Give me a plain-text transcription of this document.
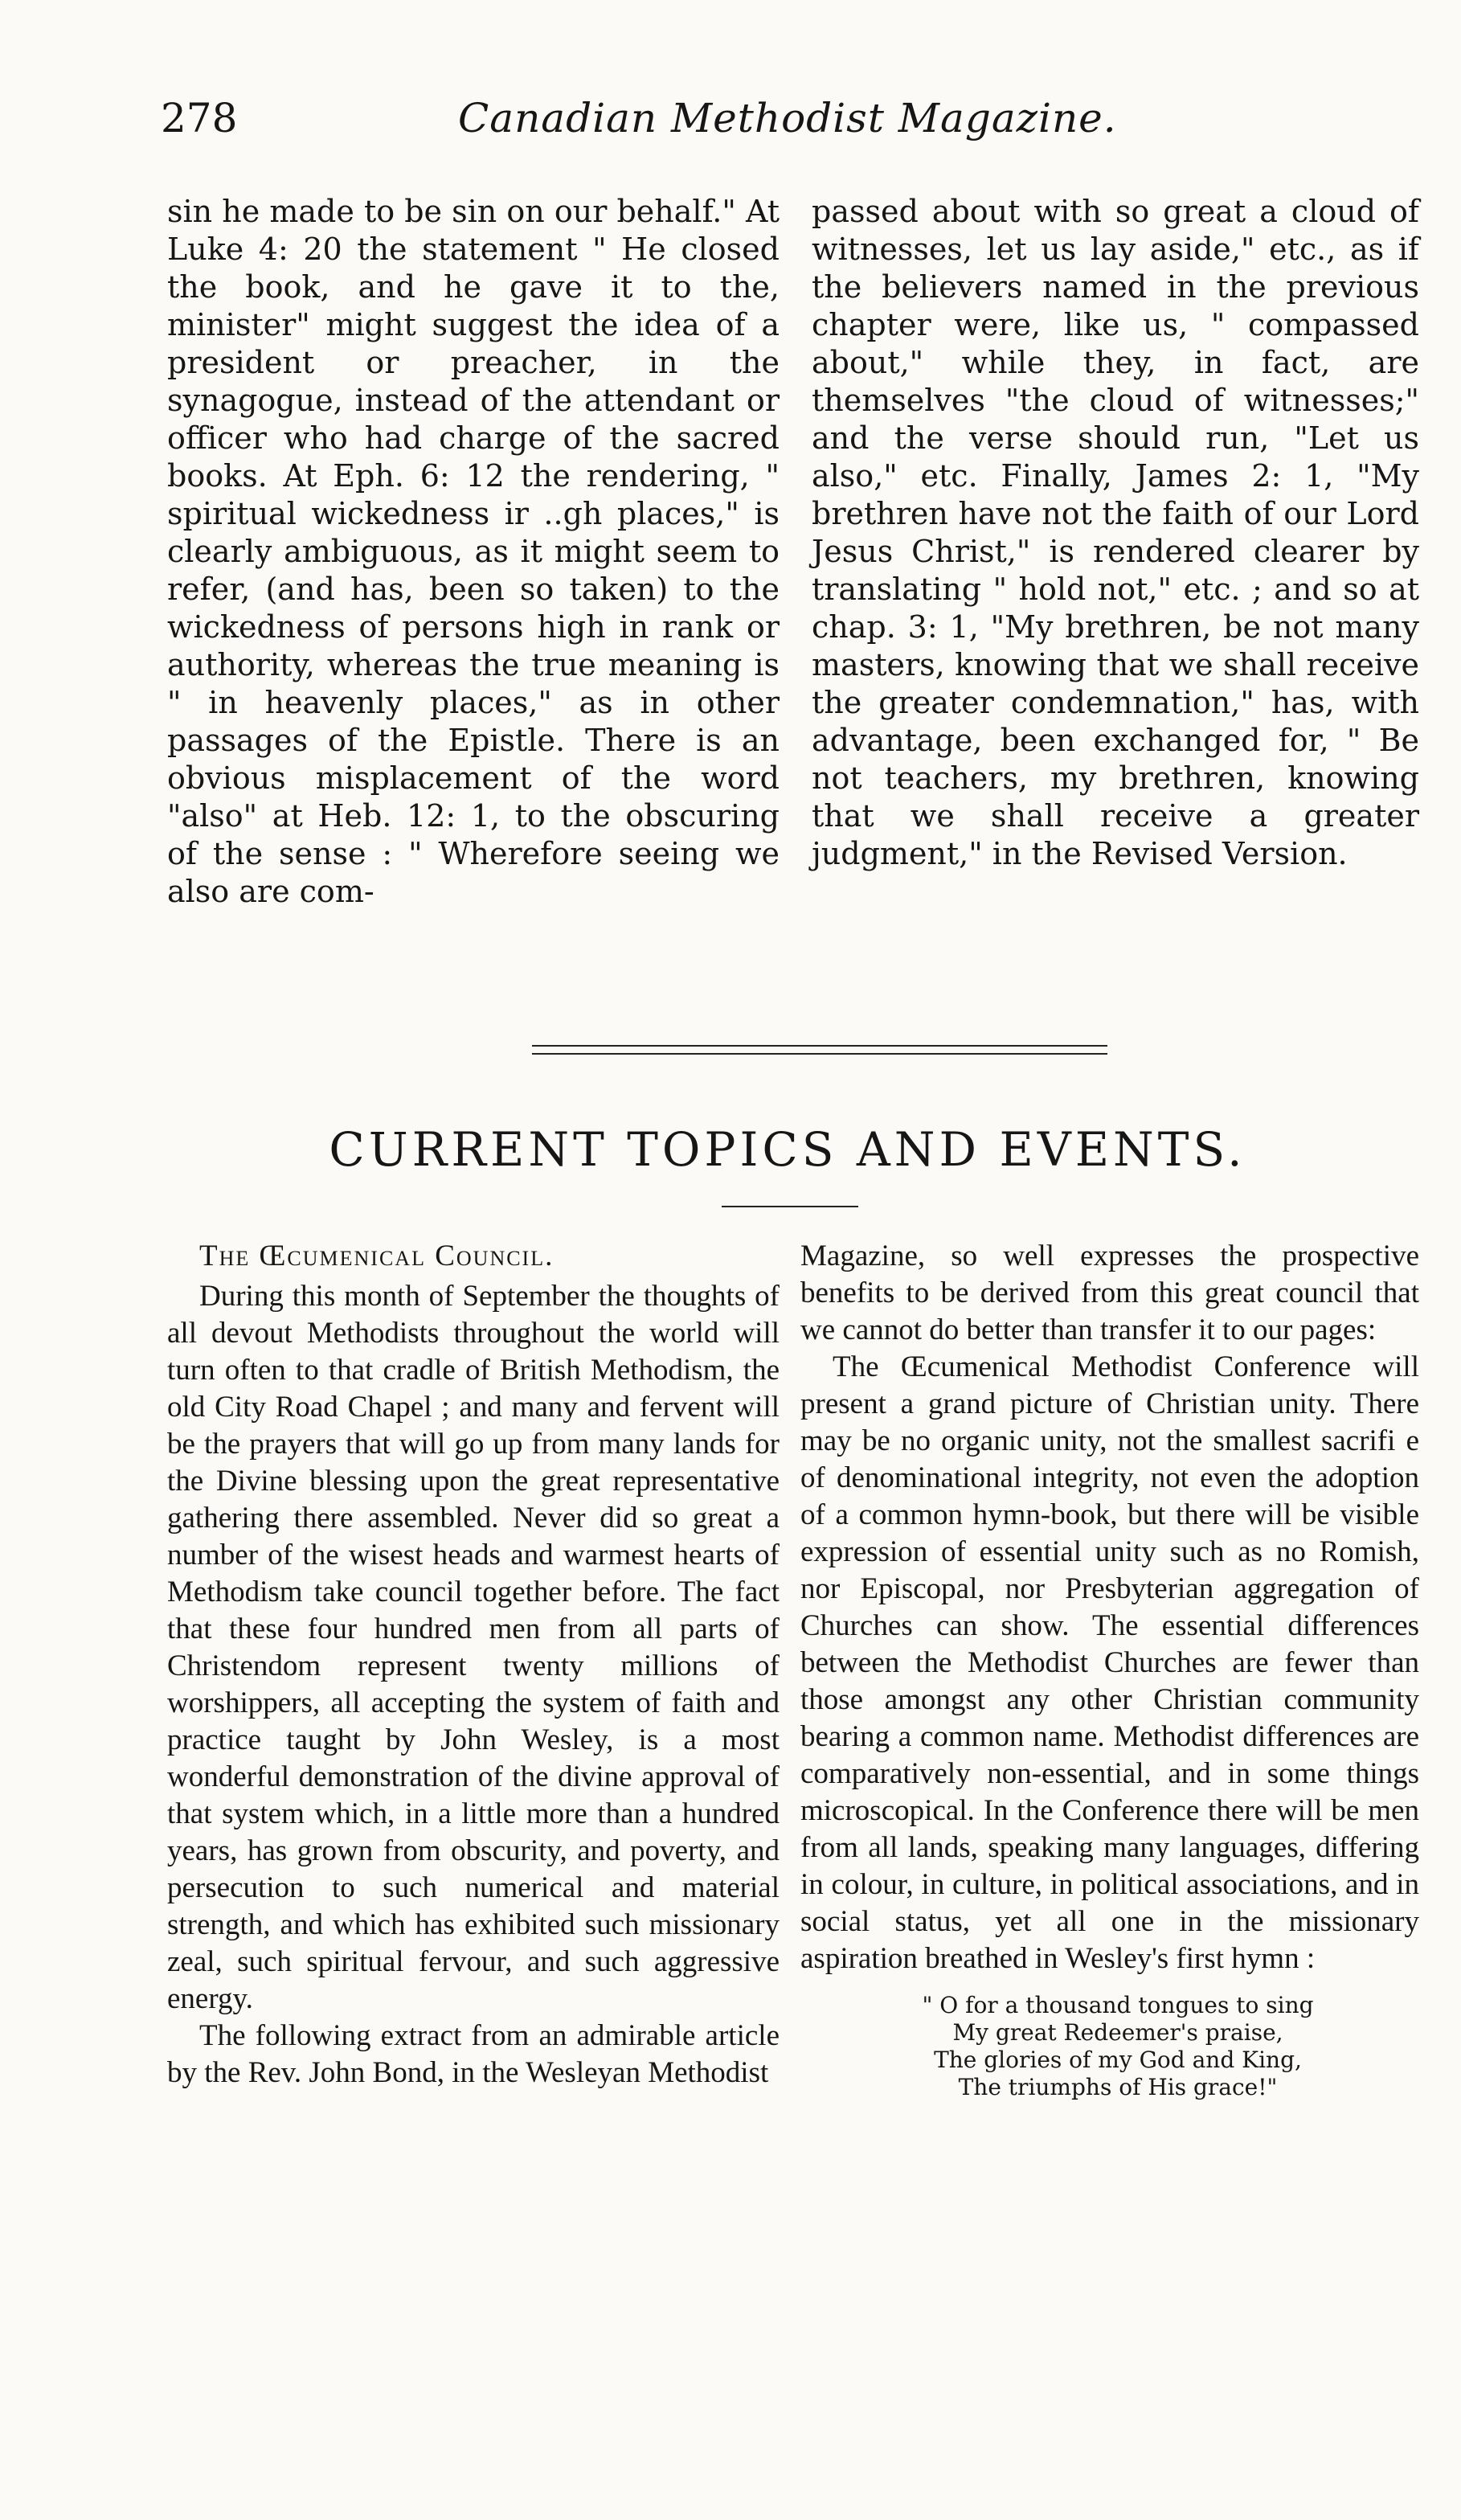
278	Canadian Methodist Magazine.

sin he made to be sin on our behalf." At Luke 4: 20 the statement " He closed the book, and he gave it to the, minister" might suggest the idea of a president or preacher, in the synagogue, instead of the attendant or officer who had charge of the sacred books. At Eph. 6: 12 the rendering, " spiritual wickedness ir ..gh places," is clearly ambiguous, as it might seem to refer, (and has, been so taken) to the wickedness of persons high in rank or authority, whereas the true meaning is " in heavenly places," as in other passages of the Epistle. There is an obvious misplacement of the word "also" at Heb. 12: 1, to the obscuring of the sense : " Wherefore seeing we also are com-

passed about with so great a cloud of witnesses, let us lay aside," etc., as if the believers named in the previous chapter were, like us, " compassed about," while they, in fact, are themselves "the cloud of witnesses;" and the verse should run, "Let us also," etc. Finally, James 2: 1, "My brethren have not the faith of our Lord Jesus Christ," is rendered clearer by translating " hold not," etc. ; and so at chap. 3: 1, "My brethren, be not many masters, knowing that we shall receive the greater condemnation," has, with advantage, been exchanged for, " Be not teachers, my brethren, knowing that we shall receive a greater judgment," in the Revised Version.

CURRENT TOPICS AND EVENTS.
The Œcumenical Council.
During this month of September the thoughts of all devout Methodists throughout the world will turn often to that cradle of British Methodism, the old City Road Chapel ; and many and fervent will be the prayers that will go up from many lands for the Divine blessing upon the great representative gathering there assembled. Never did so great a number of the wisest heads and warmest hearts of Methodism take council together before. The fact that these four hundred men from all parts of Christendom represent twenty millions of worshippers, all accepting the system of faith and practice taught by John Wesley, is a most wonderful demonstration of the divine approval of that system which, in a little more than a hundred years, has grown from obscurity, and poverty, and persecution to such numerical and material strength, and which has exhibited such missionary zeal, such spiritual fervour, and such aggressive energy.
The following extract from an admirable article by the Rev. John Bond, in the Wesleyan Methodist
Magazine, so well expresses the prospective benefits to be derived from this great council that we cannot do better than transfer it to our pages:
The Œcumenical Methodist Conference will present a grand picture of Christian unity. There may be no organic unity, not the smallest sacrifi e of denominational integrity, not even the adoption of a common hymn-book, but there will be visible expression of essential unity such as no Romish, nor Episcopal, nor Presbyterian aggregation of Churches can show. The essential differences between the Methodist Churches are fewer than those amongst any other Christian community bearing a common name. Methodist differences are comparatively non-essential, and in some things microscopical. In the Conference there will be men from all lands, speaking many languages, differing in colour, in culture, in political associations, and in social status, yet all one in the missionary aspiration breathed in Wesley's first hymn :
" O for a thousand tongues to sing
My great Redeemer's praise,
The glories of my God and King,
The triumphs of His grace!"
